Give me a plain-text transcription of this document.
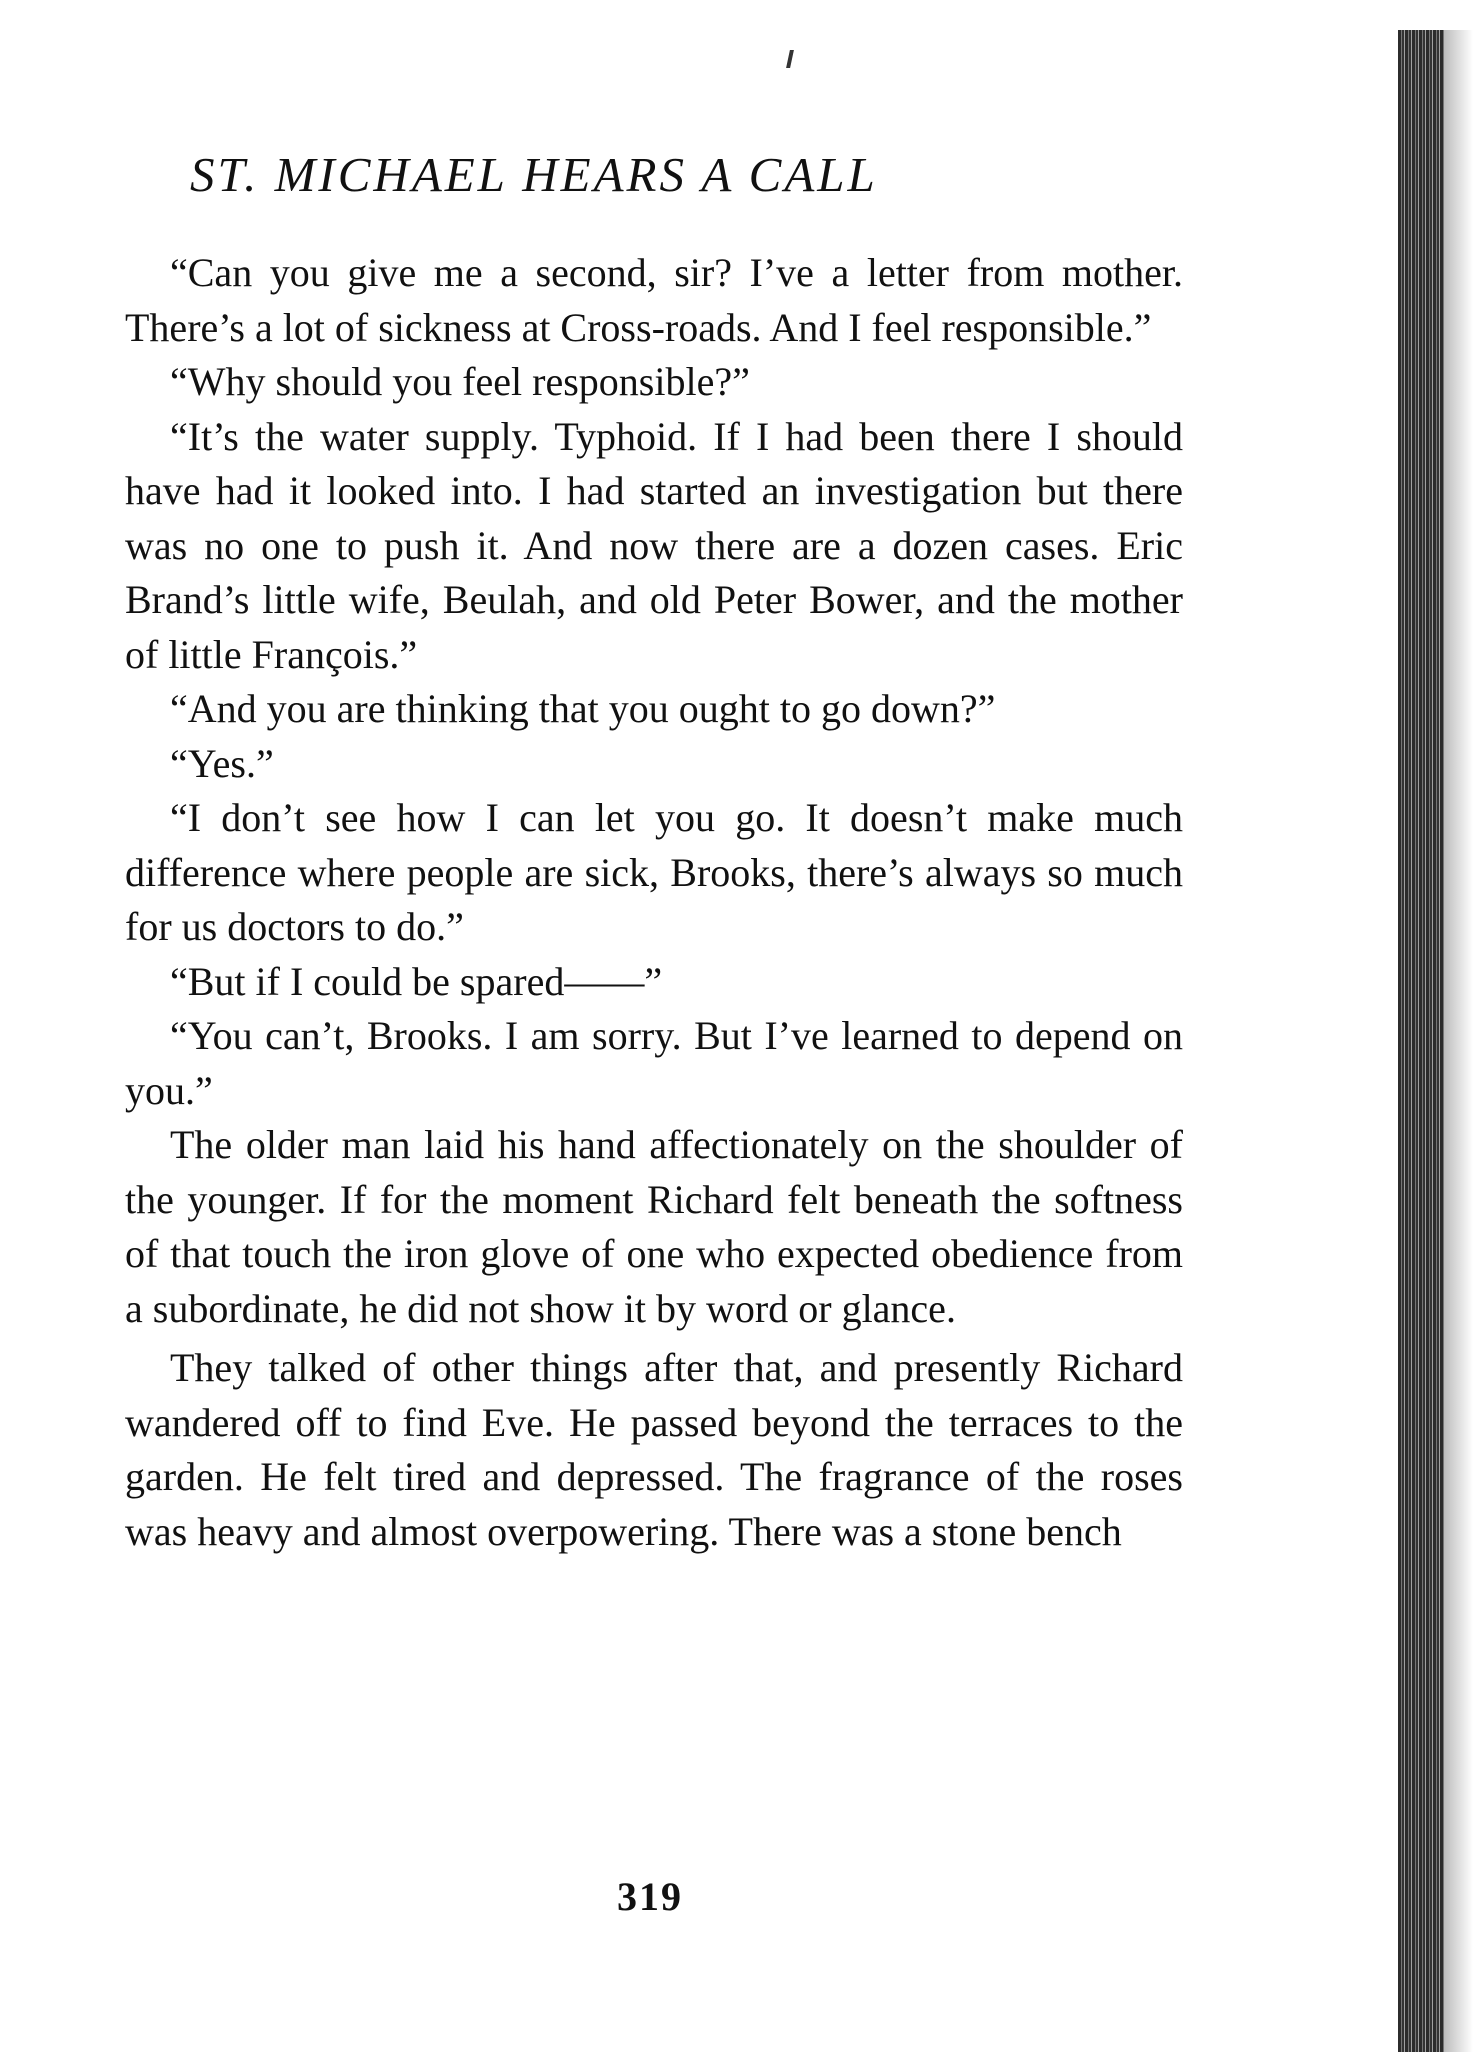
ST. MICHAEL HEARS A CALL

“Can you give me a second, sir? I’ve a letter from mother. There’s a lot of sickness at Cross-roads. And I feel responsible.”

“Why should you feel responsible?”

“It’s the water supply. Typhoid. If I had been there I should have had it looked into. I had started an investigation but there was no one to push it. And now there are a dozen cases. Eric Brand’s little wife, Beulah, and old Peter Bower, and the mother of little François.”

“And you are thinking that you ought to go down?”

“Yes.”

“I don’t see how I can let you go. It doesn’t make much difference where people are sick, Brooks, there’s always so much for us doctors to do.”

“But if I could be spared——”

“You can’t, Brooks. I am sorry. But I’ve learned to depend on you.”

The older man laid his hand affectionately on the shoulder of the younger. If for the moment Richard felt beneath the softness of that touch the iron glove of one who expected obedience from a subordinate, he did not show it by word or glance.

They talked of other things after that, and presently Richard wandered off to find Eve. He passed beyond the terraces to the garden. He felt tired and depressed. The fragrance of the roses was heavy and almost overpowering. There was a stone bench

319
